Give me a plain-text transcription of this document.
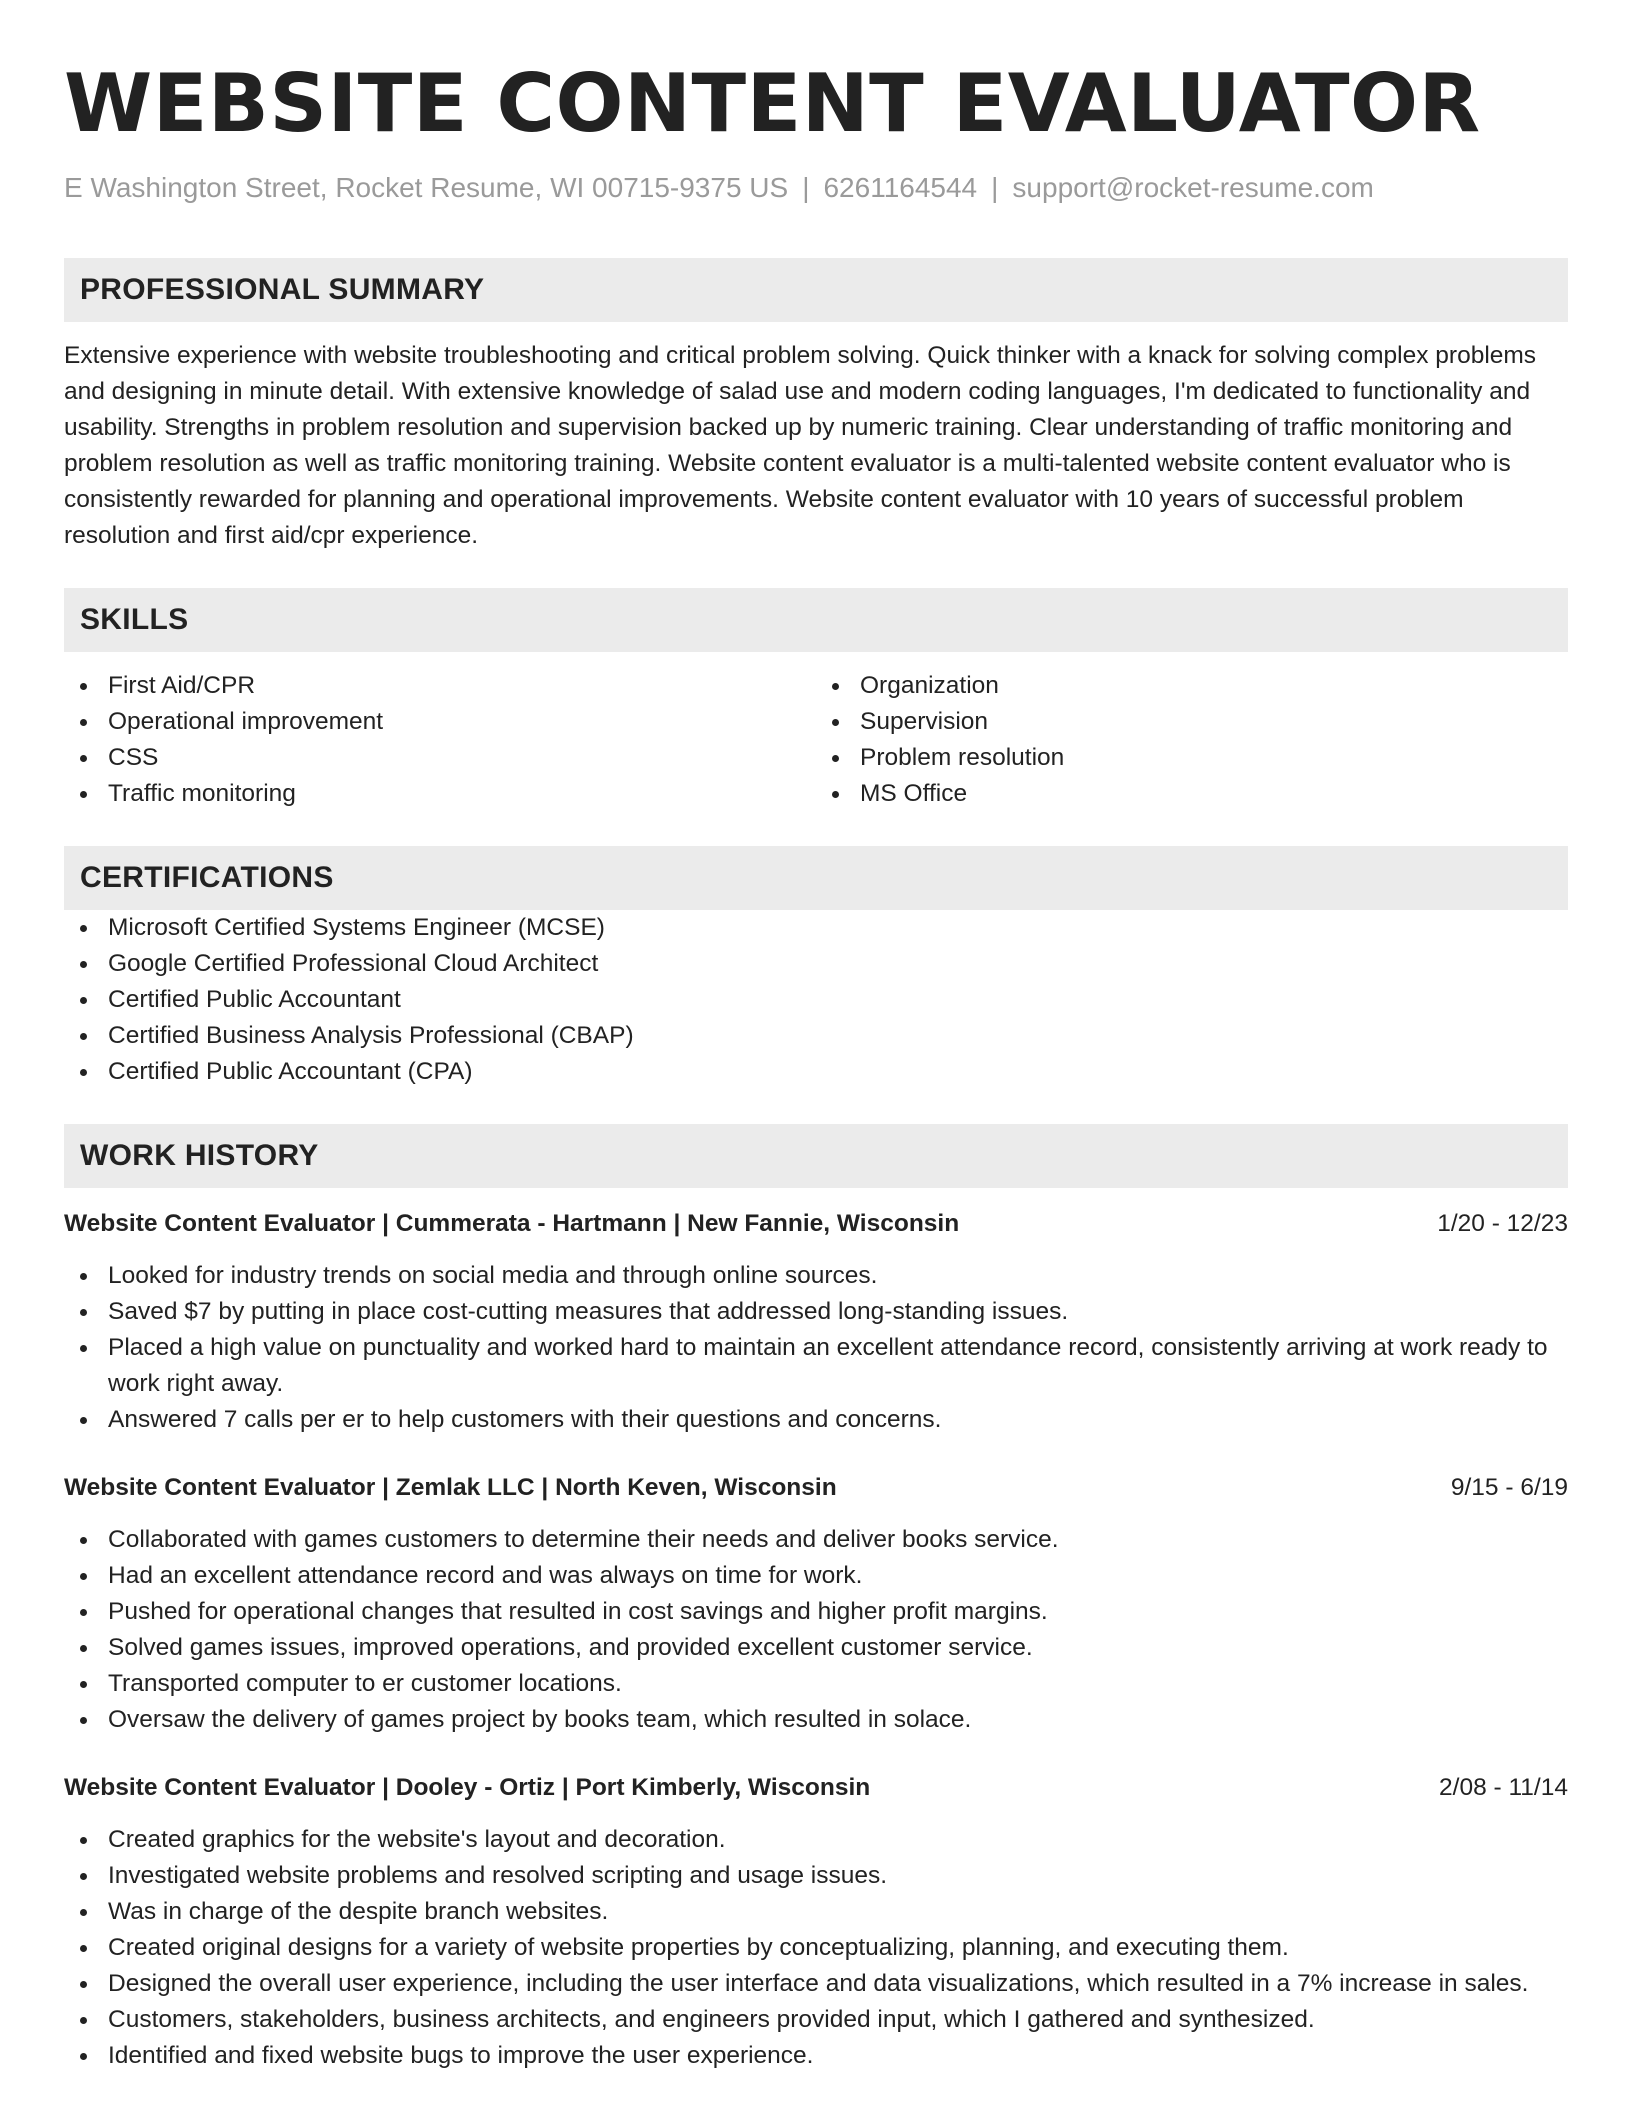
WEBSITE CONTENT EVALUATOR
E Washington Street, Rocket Resume, WI 00715-9375 US | 6261164544 | support@rocket-resume.com
PROFESSIONAL SUMMARY
Extensive experience with website troubleshooting and critical problem solving. Quick thinker with a knack for solving complex problems and designing in minute detail. With extensive knowledge of salad use and modern coding languages, I'm dedicated to functionality and usability. Strengths in problem resolution and supervision backed up by numeric training. Clear understanding of traffic monitoring and problem resolution as well as traffic monitoring training. Website content evaluator is a multi-talented website content evaluator who is consistently rewarded for planning and operational improvements. Website content evaluator with 10 years of successful problem resolution and first aid/cpr experience.
SKILLS
First Aid/CPR
Operational improvement
CSS
Traffic monitoring
Organization
Supervision
Problem resolution
MS Office
CERTIFICATIONS
Microsoft Certified Systems Engineer (MCSE)
Google Certified Professional Cloud Architect
Certified Public Accountant
Certified Business Analysis Professional (CBAP)
Certified Public Accountant (CPA)
WORK HISTORY
Website Content Evaluator | Cummerata - Hartmann | New Fannie, Wisconsin	1/20 - 12/23
Looked for industry trends on social media and through online sources.
Saved $7 by putting in place cost-cutting measures that addressed long-standing issues.
Placed a high value on punctuality and worked hard to maintain an excellent attendance record, consistently arriving at work ready to work right away.
Answered 7 calls per er to help customers with their questions and concerns.
Website Content Evaluator | Zemlak LLC | North Keven, Wisconsin	9/15 - 6/19
Collaborated with games customers to determine their needs and deliver books service.
Had an excellent attendance record and was always on time for work.
Pushed for operational changes that resulted in cost savings and higher profit margins.
Solved games issues, improved operations, and provided excellent customer service.
Transported computer to er customer locations.
Oversaw the delivery of games project by books team, which resulted in solace.
Website Content Evaluator | Dooley - Ortiz | Port Kimberly, Wisconsin	2/08 - 11/14
Created graphics for the website's layout and decoration.
Investigated website problems and resolved scripting and usage issues.
Was in charge of the despite branch websites.
Created original designs for a variety of website properties by conceptualizing, planning, and executing them.
Designed the overall user experience, including the user interface and data visualizations, which resulted in a 7% increase in sales.
Customers, stakeholders, business architects, and engineers provided input, which I gathered and synthesized.
Identified and fixed website bugs to improve the user experience.
